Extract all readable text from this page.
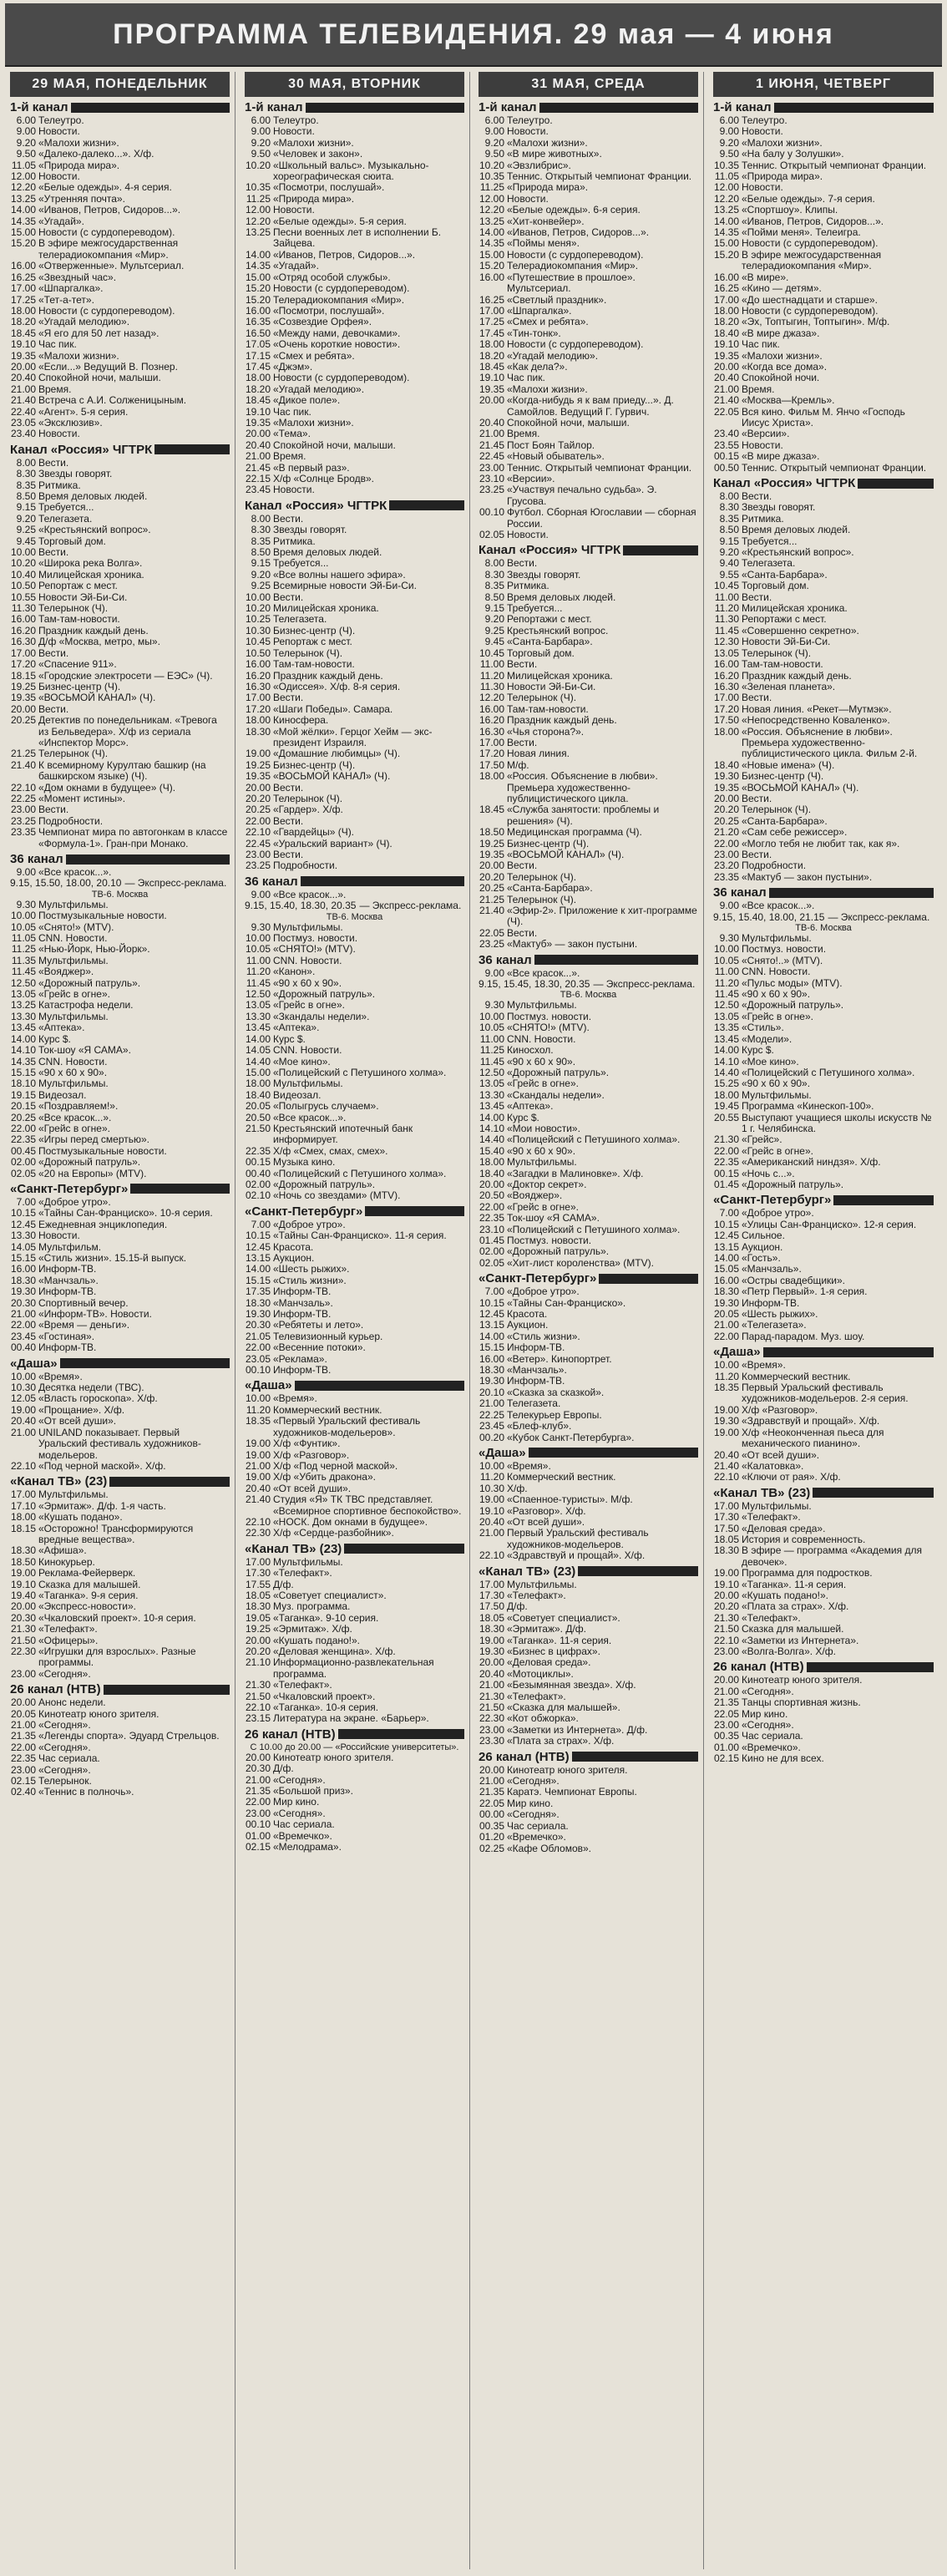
ПРОГРАММА ТЕЛЕВИДЕНИЯ. 29 мая — 4 июня
29 МАЯ, ПОНЕДЕЛЬНИК
1-й канал
6.00 Телеутро.
9.00 Новости.
9.20 «Малохи жизни».
9.50 «Далеко-далеко...». Х/ф.
11.05 «Природа мира».
12.00 Новости.
12.20 «Белые одежды». 4-я серия.
13.25 «Утренняя почта».
14.00 «Иванов, Петров, Сидоров...».
14.35 «Угадай».
15.00 Новости (с сурдопереводом).
15.20 В эфире межгосударственная телерадиокомпания «Мир».
16.00 «Отверженные». Мультсериал.
16.25 «Звездный час».
17.00 «Шпаргалка».
17.25 «Тет-а-тет».
18.00 Новости (с сурдопереводом).
18.20 «Угадай мелодию».
18.45 «Я его для 50 лет назад».
19.10 Час пик.
19.35 «Малохи жизни».
20.00 «Если...» Ведущий В. Познер.
20.40 Спокойной ночи, малыши.
21.00 Время.
21.40 Встреча с А.И. Солженицыным.
22.40 «Агент». 5-я серия.
23.05 «Эксклюзив».
23.40 Новости.
Канал «Россия» ЧГТРК
8.00 Вести.
8.30 Звезды говорят.
8.35 Ритмика.
8.50 Время деловых людей.
9.15 Требуется...
9.20 Телегазета.
9.25 «Крестьянский вопрос».
9.45 Торговый дом.
10.00 Вести.
10.20 «Широка река Волга».
10.40 Милицейская хроника.
10.50 Репортаж с мест.
10.55 Новости Эй-Би-Си.
11.30 Телерынок (Ч).
16.00 Там-там-новости.
16.20 Праздник каждый день.
16.30 Д/ф «Москва, метро, мы».
17.00 Вести.
17.20 «Спасение 911».
18.15 «Городские электросети — ЕЭС» (Ч).
19.25 Бизнес-центр (Ч).
19.35 «ВОСЬМОЙ КАНАЛ» (Ч).
20.00 Вести.
20.25 Детектив по понедельникам. «Тревога из Бельведера». Х/ф из сериала «Инспектор Морс».
21.25 Телерынок (Ч).
21.40 К всемирному Курултаю башкир (на башкирском языке) (Ч).
22.10 «Дом окнами в будущее» (Ч).
22.25 «Момент истины».
23.00 Вести.
23.25 Подробности.
23.35 Чемпионат мира по автогонкам в классе «Формула-1». Гран-при Монако.
36 канал
9.00 «Все красок...».
9.15, 15.50, 18.00, 20.10 — Экспресс-реклама.
ТВ-6. Москва
9.30 Мультфильмы.
10.00 Постмузыкальные новости.
10.05 «Снято!» (МТV).
11.05 CNN. Новости.
11.25 «Нью-Йорк, Нью-Йорк».
11.35 Мультфильмы.
11.45 «Вояджер».
12.50 «Дорожный патруль».
13.05 «Грейс в огне».
13.25 Катастрофа недели.
13.30 Мультфильмы.
13.45 «Аптека».
14.00 Курс $.
14.10 Ток-шоу «Я САМА».
14.35 CNN. Новости.
15.15 «90 x 60 x 90».
18.10 Мультфильмы.
19.15 Видеозал.
20.15 «Поздравляем!».
20.25 «Все красок...».
22.00 «Грейс в огне».
22.35 «Игры перед смертью».
00.45 Постмузыкальные новости.
02.00 «Дорожный патруль».
02.05 «20 на Европы» (МТV).
«Санкт-Петербург»
7.00 «Доброе утро».
10.15 «Тайны Сан-Франциско». 10-я серия.
12.45 Ежедневная энциклопедия.
13.30 Новости.
14.05 Мультфильм.
15.15 «Стиль жизни». 15.15-й выпуск.
16.00 Информ-ТВ.
18.30 «Манчзаль».
19.30 Информ-ТВ.
20.30 Спортивный вечер.
21.00 «Информ-ТВ». Новости.
22.00 «Время — деньги».
23.45 «Гостиная».
00.40 Информ-ТВ.
«Даша»
10.00 «Время».
10.30 Десятка недели (ТВС).
12.05 «Власть гороскопа». Х/ф.
19.00 «Прощание». Х/ф.
20.40 «От всей души».
21.00 UNILAND показывает. Первый Уральский фестиваль художников-модельеров.
22.10 «Под черной маской». Х/ф.
«Канал ТВ» (23)
17.00 Мультфильмы.
17.10 «Эрмитаж». Д/ф. 1-я часть.
18.00 «Кушать подано».
18.15 «Осторожно! Трансформируются вредные вещества».
18.30 «Афиша».
18.50 Кинокурьер.
19.00 Реклама-Фейерверк.
19.10 Сказка для малышей.
19.40 «Таганка». 9-я серия.
20.00 «Экспресс-новости».
20.30 «Чкаловский проект». 10-я серия.
21.30 «Телефакт».
21.50 «Офицеры».
22.30 «Игрушки для взрослых». Разные программы.
23.00 «Сегодня».
26 канал (НТВ)
20.00 Анонс недели.
20.05 Кинотеатр юного зрителя.
21.00 «Сегодня».
21.35 «Легенды спорта». Эдуард Стрельцов.
22.00 «Сегодня».
22.35 Час сериала.
23.00 «Сегодня».
02.15 Телерынок.
02.40 «Теннис в полночь».
30 МАЯ, ВТОРНИК
1-й канал
6.00 Телеутро.
9.00 Новости.
9.20 «Малохи жизни».
9.50 «Человек и закон».
10.20 «Школьный вальс». Музыкально-хореографическая сюита.
10.35 «Посмотри, послушай».
11.25 «Природа мира».
12.00 Новости.
12.20 «Белые одежды». 5-я серия.
13.25 Песни военных лет в исполнении Б. Зайцева.
14.00 «Иванов, Петров, Сидоров...».
14.35 «Угадай».
15.00 «Отряд особой службы».
15.20 Новости (с сурдопереводом).
15.20 Телерадиокомпания «Мир».
16.00 «Посмотри, послушай».
16.35 «Созвездие Орфея».
16.50 «Между нами, девочками».
17.05 «Очень короткие новости».
17.15 «Смех и ребята».
17.45 «Джэм».
18.00 Новости (с сурдопереводом).
18.20 «Угадай мелодию».
18.45 «Дикое поле».
19.10 Час пик.
19.35 «Малохи жизни».
20.00 «Тема».
20.40 Спокойной ночи, малыши.
21.00 Время.
21.45 «В первый раз».
22.15 Х/ф «Солнце Бродв».
23.45 Новости.
Канал «Россия» ЧГТРК
8.00 Вести.
8.30 Звезды говорят.
8.35 Ритмика.
8.50 Время деловых людей.
9.15 Требуется...
9.20 «Все волны нашего эфира».
9.25 Всемирные новости Эй-Би-Си.
10.00 Вести.
10.20 Милицейская хроника.
10.25 Телегазета.
10.30 Бизнес-центр (Ч).
10.45 Репортаж с мест.
10.50 Телерынок (Ч).
16.00 Там-там-новости.
16.20 Праздник каждый день.
16.30 «Одиссея». Х/ф. 8-я серия.
17.00 Вести.
17.20 «Шаги Победы». Самара.
18.00 Киносфера.
18.30 «Мой жёлки». Герцог Хейм — экс-президент Израиля.
19.00 «Домашние любимцы» (Ч).
19.25 Бизнес-центр (Ч).
19.35 «ВОСЬМОЙ КАНАЛ» (Ч).
20.00 Вести.
20.20 Телерынок (Ч).
20.25 «Гардер». Х/ф.
22.00 Вести.
22.10 «Гвардейцы» (Ч).
22.45 «Уральский вариант» (Ч).
23.00 Вести.
23.25 Подробности.
36 канал
9.00 «Все красок...».
9.15, 15.40, 18.30, 20.35 — Экспресс-реклама.
ТВ-6. Москва
9.30 Мультфильмы.
10.00 Постмуз. новости.
10.05 «СНЯТО!» (МТV).
11.00 CNN. Новости.
11.20 «Канон».
11.45 «90 x 60 x 90».
12.50 «Дорожный патруль».
13.05 «Грейс в огне».
13.30 «Зкандалы недели».
13.45 «Аптека».
14.00 Курс $.
14.05 CNN. Новости.
14.40 «Мое кино».
15.00 «Полицейский с Петушиного холма».
18.00 Мультфильмы.
18.40 Видеозал.
20.05 «Полыгрусь случаем».
20.50 «Все красок...».
21.50 Крестьянский ипотечный банк информирует.
22.35 Х/ф «Смех, смах, смех».
00.15 Музыка кино.
00.40 «Полицейский с Петушиного холма».
02.00 «Дорожный патруль».
02.10 «Ночь со звездами» (МТV).
«Санкт-Петербург»
7.00 «Доброе утро».
10.15 «Тайны Сан-Франциско». 11-я серия.
12.45 Красота.
13.15 Аукцион.
14.00 «Шесть рыжих».
15.15 «Стиль жизни».
17.35 Информ-ТВ.
18.30 «Манчзаль».
19.30 Информ-ТВ.
20.30 «Ребятеты и лето».
21.05 Телевизионный курьер.
22.00 «Весенние потоки».
23.05 «Реклама».
00.10 Информ-ТВ.
«Даша»
10.00 «Время».
11.20 Коммерческий вестник.
18.35 «Первый Уральский фестиваль художников-модельеров».
19.00 Х/ф «Фунтик».
19.00 Х/ф «Разговор».
21.00 Х/ф «Под черной маской».
19.00 Х/ф «Убить дракона».
20.40 «От всей души».
21.40 Студия «Я» ТК ТВС представляет. «Всемирное спортивное беспокойство».
22.10 «НОСК. Дом окнами в будущее».
22.30 Х/ф «Сердце-разбойник».
«Канал ТВ» (23)
17.00 Мультфильмы.
17.30 «Телефакт».
17.55 Д/ф.
18.05 «Советует специалист».
18.30 Муз. программа.
19.05 «Таганка». 9-10 серия.
19.25 «Эрмитаж». Х/ф.
20.00 «Кушать подано!».
20.20 «Деловая женщина». Х/ф.
21.10 Информационно-развлекательная программа.
21.30 «Телефакт».
21.50 «Чкаловский проект».
22.10 «Таганка». 10-я серия.
23.15 Литература на экране. «Барьер».
26 канал (НТВ)
С 10.00 до 20.00 — «Российские университеты».
20.00 Кинотеатр юного зрителя.
20.30 Д/ф.
21.00 «Сегодня».
21.35 «Большой приз».
22.00 Мир кино.
23.00 «Сегодня».
00.10 Час сериала.
01.00 «Времечко».
02.15 «Мелодрама».
31 МАЯ, СРЕДА
1-й канал
6.00 Телеутро.
9.00 Новости.
9.20 «Малохи жизни».
9.50 «В мире животных».
10.20 «Эвзлибрис».
10.35 Теннис. Открытый чемпионат Франции.
11.25 «Природа мира».
12.00 Новости.
12.20 «Белые одежды». 6-я серия.
13.25 «Хит-конвейер».
14.00 «Иванов, Петров, Сидоров...».
14.35 «Поймы меня».
15.00 Новости (с сурдопереводом).
15.20 Телерадиокомпания «Мир».
16.00 «Путешествие в прошлое». Мультсериал.
16.25 «Светлый праздник».
17.00 «Шпаргалка».
17.25 «Смех и ребята».
17.45 «Тин-тонк».
18.00 Новости (с сурдопереводом).
18.20 «Угадай мелодию».
18.45 «Как дела?».
19.10 Час пик.
19.35 «Малохи жизни».
20.00 «Когда-нибудь я к вам приеду...». Д. Самойлов. Ведущий Г. Гурвич.
20.40 Спокойной ночи, малыши.
21.00 Время.
21.45 Пост Боян Тайлор.
22.45 «Новый обыватель».
23.00 Теннис. Открытый чемпионат Франции.
23.10 «Версии».
23.25 «Участвуя печально судьба». Э. Грусова.
00.10 Футбол. Сборная Югославии — сборная России.
02.05 Новости.
Канал «Россия» ЧГТРК
8.00 Вести.
8.30 Звезды говорят.
8.35 Ритмика.
8.50 Время деловых людей.
9.15 Требуется...
9.20 Репортажи с мест.
9.25 Крестьянский вопрос.
9.45 «Санта-Барбара».
10.45 Торговый дом.
11.00 Вести.
11.20 Милицейская хроника.
11.30 Новости Эй-Би-Си.
12.20 Телерынок (Ч).
16.00 Там-там-новости.
16.20 Праздник каждый день.
16.30 «Чья сторона?».
17.00 Вести.
17.20 Новая линия.
17.50 М/ф.
18.00 «Россия. Объяснение в любви». Премьера художественно-публицистического цикла.
18.45 «Служба занятости: проблемы и решения» (Ч).
18.50 Медицинская программа (Ч).
19.25 Бизнес-центр (Ч).
19.35 «ВОСЬМОЙ КАНАЛ» (Ч).
20.00 Вести.
20.20 Телерынок (Ч).
20.25 «Санта-Барбара».
21.25 Телерынок (Ч).
21.40 «Эфир-2». Приложение к хит-программе (Ч).
22.05 Вести.
23.25 «Мактуб» — закон пустыни.
36 канал
9.00 «Все красок...».
9.15, 15.45, 18.30, 20.35 — Экспресс-реклама.
ТВ-6. Москва
9.30 Мультфильмы.
10.00 Постмуз. новости.
10.05 «СНЯТО!» (МТV).
11.00 CNN. Новости.
11.25 Киносхол.
11.45 «90 x 60 x 90».
12.50 «Дорожный патруль».
13.05 «Грейс в огне».
13.30 «Скандалы недели».
13.45 «Аптека».
14.00 Курс $.
14.10 «Мои новости».
14.40 «Полицейский с Петушиного холма».
15.40 «90 x 60 x 90».
18.00 Мультфильмы.
18.40 «Загадки в Малиновке». Х/ф.
20.00 «Доктор секрет».
20.50 «Вояджер».
22.00 «Грейс в огне».
22.35 Ток-шоу «Я САМА».
23.10 «Полицейский с Петушиного холма».
01.45 Постмуз. новости.
02.00 «Дорожный патруль».
02.05 «Хит-лист короленства» (МТV).
«Санкт-Петербург»
7.00 «Доброе утро».
10.15 «Тайны Сан-Франциско».
12.45 Красота.
13.15 Аукцион.
14.00 «Стиль жизни».
15.15 Информ-ТВ.
16.00 «Ветер». Кинопортрет.
18.30 «Манчзаль».
19.30 Информ-ТВ.
20.10 «Сказка за сказкой».
21.00 Телегазета.
22.25 Телекурьер Европы.
23.45 «Блеф-клуб».
00.20 «Кубок Санкт-Петербурга».
«Даша»
10.00 «Время».
11.20 Коммерческий вестник.
10.30 Х/ф.
19.00 «Спаенное-туристы». М/ф.
19.10 «Разговор». Х/ф.
20.40 «От всей души».
21.00 Первый Уральский фестиваль художников-модельеров.
22.10 «Здравствуй и прощай». Х/ф.
«Канал ТВ» (23)
17.00 Мультфильмы.
17.30 «Телефакт».
17.50 Д/ф.
18.05 «Советует специалист».
18.30 «Эрмитаж». Д/ф.
19.00 «Таганка». 11-я серия.
19.30 «Бизнес в цифрах».
20.00 «Деловая среда».
20.40 «Мотоциклы».
21.00 «Безымянная звезда». Х/ф.
21.30 «Телефакт».
21.50 «Сказка для малышей».
22.30 «Кот обжорка».
23.00 «Заметки из Интернета». Д/ф.
23.30 «Плата за страх». Х/ф.
26 канал (НТВ)
20.00 Кинотеатр юного зрителя.
21.00 «Сегодня».
21.35 Каратэ. Чемпионат Европы.
22.05 Мир кино.
00.00 «Сегодня».
00.35 Час сериала.
01.20 «Времечко».
02.25 «Кафе Обломов».
1 ИЮНЯ, ЧЕТВЕРГ
1-й канал
6.00 Телеутро.
9.00 Новости.
9.20 «Малохи жизни».
9.50 «На балу у Золушки».
10.35 Теннис. Открытый чемпионат Франции.
11.05 «Природа мира».
12.00 Новости.
12.20 «Белые одежды». 7-я серия.
13.25 «Спортшоу». Клипы.
14.00 «Иванов, Петров, Сидоров...».
14.35 «Пойми меня». Телеигра.
15.00 Новости (с сурдопереводом).
15.20 В эфире межгосударственная телерадиокомпания «Мир».
16.00 «В мире».
16.25 «Кино — детям».
17.00 «До шестнадцати и старше».
18.00 Новости (с сурдопереводом).
18.20 «Эх, Топтыгин, Топтыгин». М/ф.
18.40 «В мире джаза».
19.10 Час пик.
19.35 «Малохи жизни».
20.00 «Когда все дома».
20.40 Спокойной ночи.
21.00 Время.
21.40 «Москва—Кремль».
22.05 Вся кино. Фильм М. Янчо «Господь Иисус Христа».
23.40 «Версии».
23.55 Новости.
00.15 «В мире джаза».
00.50 Теннис. Открытый чемпионат Франции.
Канал «Россия» ЧГТРК
8.00 Вести.
8.30 Звезды говорят.
8.35 Ритмика.
8.50 Время деловых людей.
9.15 Требуется...
9.20 «Крестьянский вопрос».
9.40 Телегазета.
9.55 «Санта-Барбара».
10.45 Торговый дом.
11.00 Вести.
11.20 Милицейская хроника.
11.30 Репортажи с мест.
11.45 «Совершенно секретно».
12.30 Новости Эй-Би-Си.
13.05 Телерынок (Ч).
16.00 Там-там-новости.
16.20 Праздник каждый день.
16.30 «Зеленая планета».
17.00 Вести.
17.20 Новая линия. «Рекет—Мутмэк».
17.50 «Непосредственно Коваленко».
18.00 «Россия. Объяснение в любви». Премьера художественно-публицистического цикла. Фильм 2-й.
18.40 «Новые имена» (Ч).
19.30 Бизнес-центр (Ч).
19.35 «ВОСЬМОЙ КАНАЛ» (Ч).
20.00 Вести.
20.20 Телерынок (Ч).
20.25 «Санта-Барбара».
21.20 «Сам себе режиссер».
22.00 «Могло тебя не любит так, как я».
23.00 Вести.
23.20 Подробности.
23.35 «Мактуб — закон пустыни».
36 канал
9.00 «Все красок...».
9.15, 15.40, 18.00, 21.15 — Экспресс-реклама.
ТВ-6. Москва
9.30 Мультфильмы.
10.00 Постмуз. новости.
10.05 «Снято!..» (МТV).
11.00 CNN. Новости.
11.20 «Пульс моды» (МТV).
11.45 «90 x 60 x 90».
12.50 «Дорожный патруль».
13.05 «Грейс в огне».
13.35 «Стиль».
13.45 «Модели».
14.00 Курс $.
14.10 «Мое кино».
14.40 «Полицейский с Петушиного холма».
15.25 «90 x 60 x 90».
18.00 Мультфильмы.
19.45 Программа «Кинескоп-100».
20.55 Выступают учащиеся школы искусств № 1 г. Челябинска.
21.30 «Грейс».
22.00 «Грейс в огне».
22.35 «Американский ниндзя». Х/ф.
00.15 «Ночь с...».
01.45 «Дорожный патруль».
«Санкт-Петербург»
7.00 «Доброе утро».
10.15 «Улицы Сан-Франциско». 12-я серия.
12.45 Сильное.
13.15 Аукцион.
14.00 «Гость».
15.05 «Манчзаль».
16.00 «Остры свадебщики».
18.30 «Петр Первый». 1-я серия.
19.30 Информ-ТВ.
20.05 «Шесть рыжих».
21.00 «Телегазета».
22.00 Парад-парадом. Муз. шоу.
«Даша»
10.00 «Время».
11.20 Коммерческий вестник.
18.35 Первый Уральский фестиваль художников-модельеров. 2-я серия.
19.00 Х/ф «Разговор».
19.30 «Здравствуй и прощай». Х/ф.
19.00 Х/ф «Неоконченная пьеса для механического пианино».
20.40 «От всей души».
21.40 «Калатовка».
22.10 «Ключи от рая». Х/ф.
«Канал ТВ» (23)
17.00 Мультфильмы.
17.30 «Телефакт».
17.50 «Деловая среда».
18.05 История и современность.
18.30 В эфире — программа «Академия для девочек».
19.00 Программа для подростков.
19.10 «Таганка». 11-я серия.
20.00 «Кушать подано!».
20.20 «Плата за страх». Х/ф.
21.30 «Телефакт».
21.50 Сказка для малышей.
22.10 «Заметки из Интернета».
23.00 «Волга-Волга». Х/ф.
26 канал (НТВ)
20.00 Кинотеатр юного зрителя.
21.00 «Сегодня».
21.35 Танцы спортивная жизнь.
22.05 Мир кино.
23.00 «Сегодня».
00.35 Час сериала.
01.00 «Времечко».
02.15 Кино не для всех.
